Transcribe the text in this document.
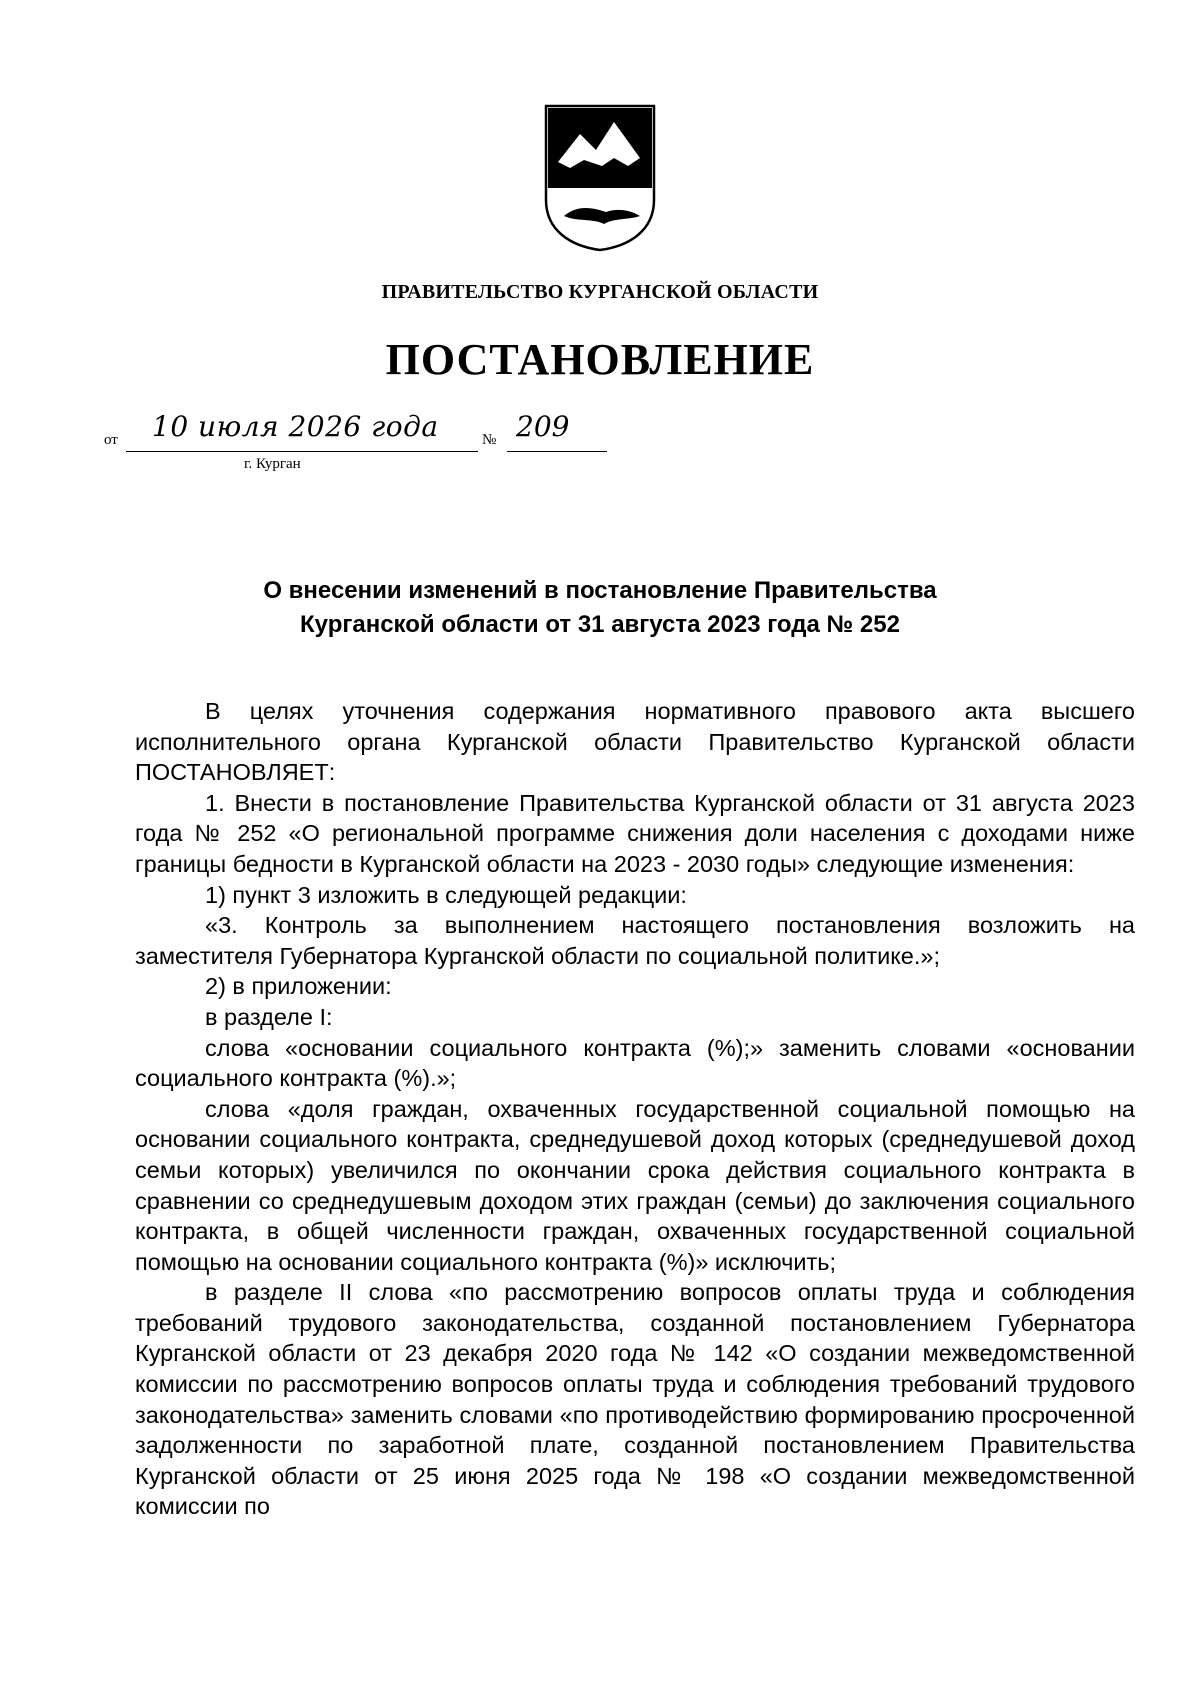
ПРАВИТЕЛЬСТВО КУРГАНСКОЙ ОБЛАСТИ
ПОСТАНОВЛЕНИЕ
от 10 июля 2026 года	№ 209
г. Курган
О внесении изменений в постановление Правительства
Курганской области от 31 августа 2023 года № 252

В целях уточнения содержания нормативного правового акта высшего исполнительного органа Курганской области Правительство Курганской области ПОСТАНОВЛЯЕТ:

1. Внести в постановление Правительства Курганской области от 31 августа 2023 года № 252 «О региональной программе снижения доли населения с доходами ниже границы бедности в Курганской области на 2023 - 2030 годы» следующие изменения:

1) пункт 3 изложить в следующей редакции:

«3. Контроль за выполнением настоящего постановления возложить на заместителя Губернатора Курганской области по социальной политике.»;

2) в приложении:

в разделе I:

слова «основании социального контракта (%);» заменить словами «основании социального контракта (%).»;

слова «доля граждан, охваченных государственной социальной помощью на основании социального контракта, среднедушевой доход которых (среднедушевой доход семьи которых) увеличился по окончании срока действия социального контракта в сравнении со среднедушевым доходом этих граждан (семьи) до заключения социального контракта, в общей численности граждан, охваченных государственной социальной помощью на основании социального контракта (%)» исключить;

в разделе II слова «по рассмотрению вопросов оплаты труда и соблюдения требований трудового законодательства, созданной постановлением Губернатора Курганской области от 23 декабря 2020 года № 142 «О создании межведомственной комиссии по рассмотрению вопросов оплаты труда и соблюдения требований трудового законодательства» заменить словами «по противодействию формированию просроченной задолженности по заработной плате, созданной постановлением Правительства Курганской области от 25 июня 2025 года № 198 «О создании межведомственной комиссии по
